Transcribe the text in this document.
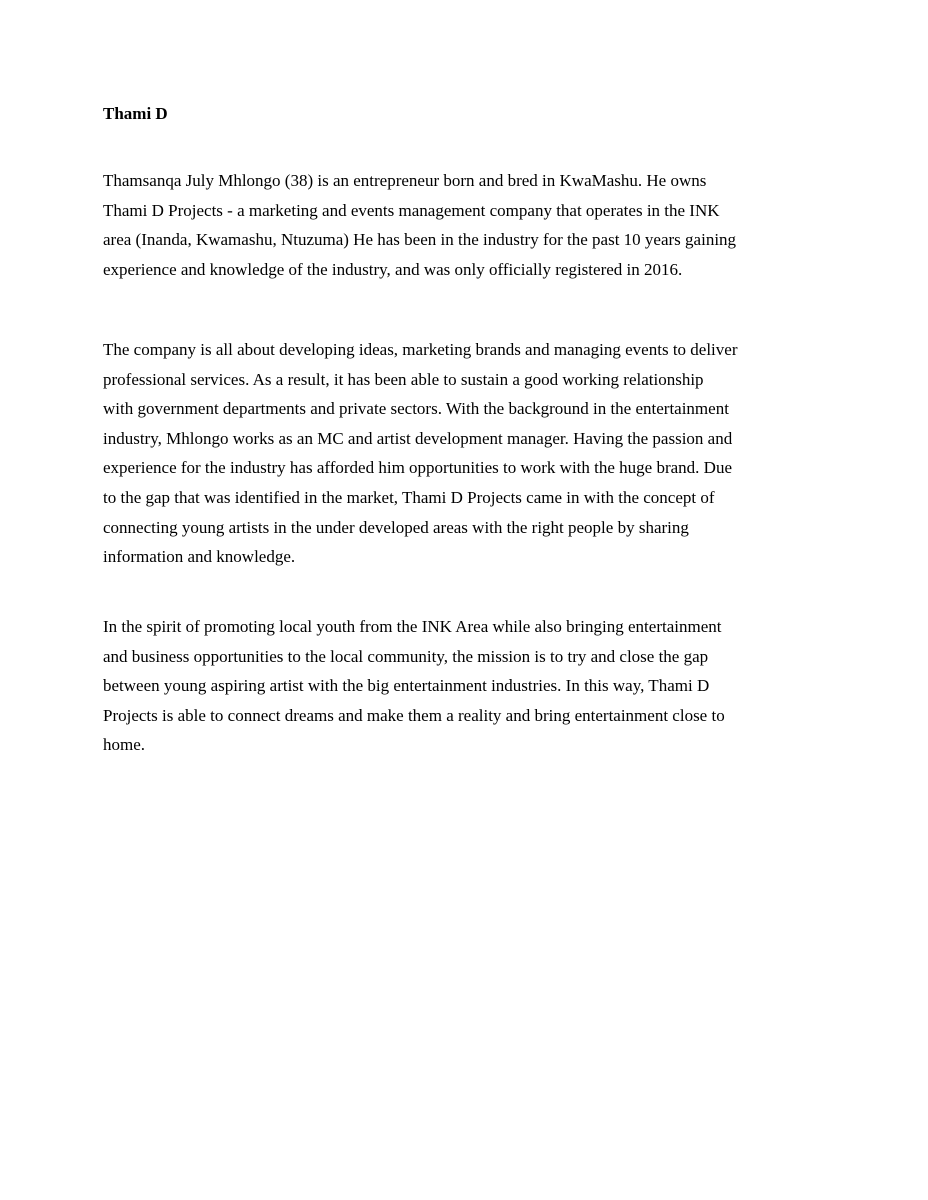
Thami D

Thamsanqa July Mhlongo (38) is an entrepreneur born and bred in KwaMashu. He owns
Thami D Projects - a marketing and events management company that operates in the INK
area (Inanda, Kwamashu, Ntuzuma) He has been in the industry for the past 10 years gaining
experience and knowledge of the industry, and was only officially registered in 2016.

The company is all about developing ideas, marketing brands and managing events to deliver
professional services. As a result, it has been able to sustain a good working relationship
with government departments and private sectors. With the background in the entertainment
industry, Mhlongo works as an MC and artist development manager. Having the passion and
experience for the industry has afforded him opportunities to work with the huge brand. Due
to the gap that was identified in the market, Thami D Projects came in with the concept of
connecting young artists in the under developed areas with the right people by sharing
information and knowledge.

In the spirit of promoting local youth from the INK Area while also bringing entertainment
and business opportunities to the local community, the mission is to try and close the gap
between young aspiring artist with the big entertainment industries. In this way, Thami D
Projects is able to connect dreams and make them a reality and bring entertainment close to
home.
